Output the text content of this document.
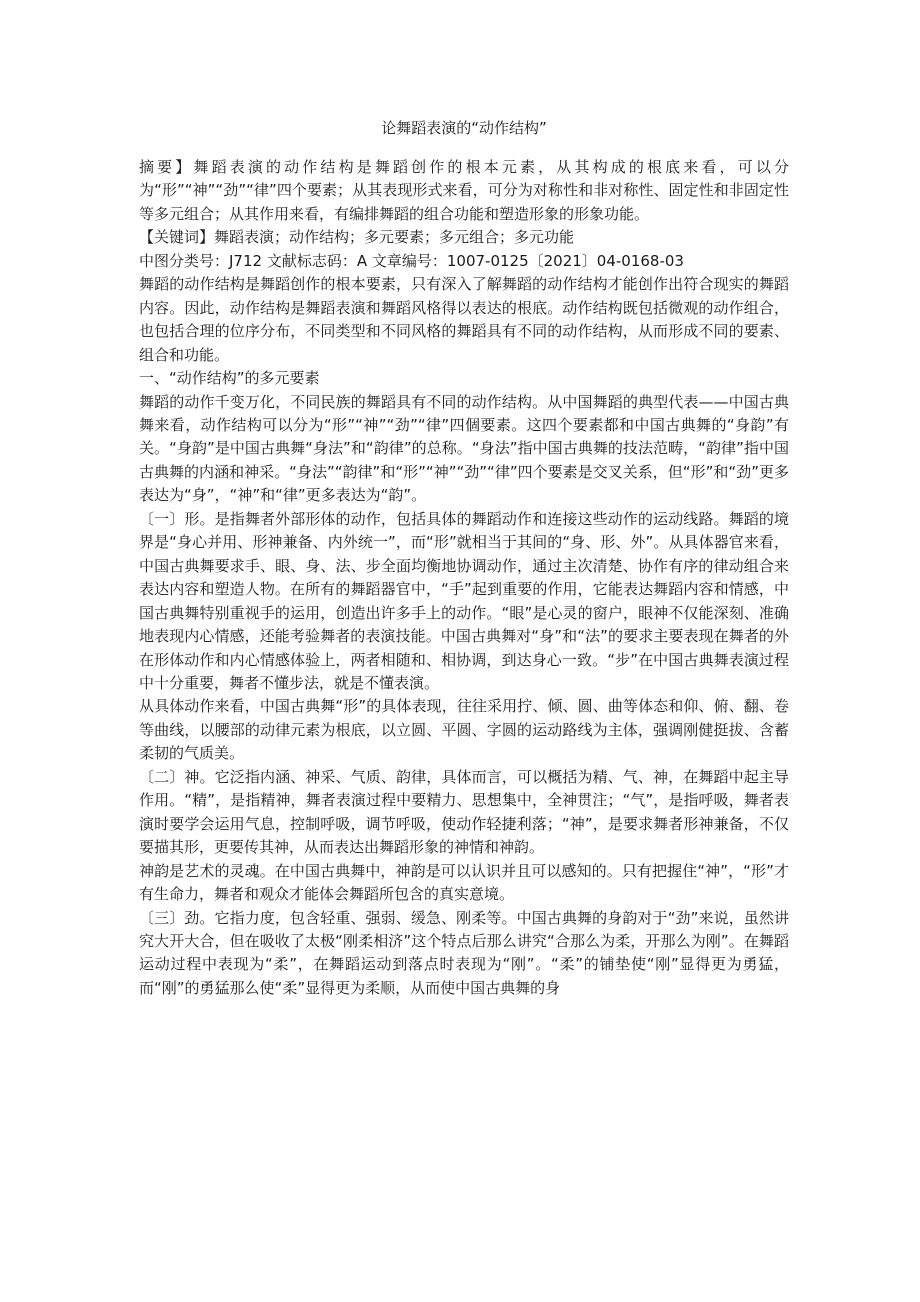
论舞蹈表演的“动作结构”

摘要】舞蹈表演的动作结构是舞蹈创作的根本元素，从其构成的根底来看，可以分为“形”“神”“劲”“律”四个要素；从其表现形式来看，可分为对称性和非对称性、固定性和非固定性等多元组合；从其作用来看，有编排舞蹈的组合功能和塑造形象的形象功能。

【关键词】舞蹈表演；动作结构；多元要素；多元组合；多元功能

中图分类号：J712 文献标志码：A 文章编号：1007-0125〔2021〕04-0168-03

舞蹈的动作结构是舞蹈创作的根本要素，只有深入了解舞蹈的动作结构才能创作出符合现实的舞蹈内容。因此，动作结构是舞蹈表演和舞蹈风格得以表达的根底。动作结构既包括微观的动作组合，也包括合理的位序分布，不同类型和不同风格的舞蹈具有不同的动作结构，从而形成不同的要素、组合和功能。

一、“动作结构”的多元要素

舞蹈的动作千变万化，不同民族的舞蹈具有不同的动作结构。从中国舞蹈的典型代表——中国古典舞来看，动作结构可以分为“形”“神”“劲”“律”四個要素。这四个要素都和中国古典舞的“身韵”有关。“身韵”是中国古典舞“身法”和“韵律”的总称。“身法”指中国古典舞的技法范畴，“韵律”指中国古典舞的内涵和神采。“身法”“韵律”和“形”“神”“劲”“律”四个要素是交叉关系，但“形”和“劲”更多表达为“身”，“神”和“律”更多表达为“韵”。

〔一〕形。是指舞者外部形体的动作，包括具体的舞蹈动作和连接这些动作的运动线路。舞蹈的境界是“身心并用、形神兼备、内外统一”，而“形”就相当于其间的“身、形、外”。从具体器官来看，中国古典舞要求手、眼、身、法、步全面均衡地协调动作，通过主次清楚、协作有序的律动组合来表达内容和塑造人物。在所有的舞蹈器官中，“手”起到重要的作用，它能表达舞蹈内容和情感，中国古典舞特别重视手的运用，创造出许多手上的动作。“眼”是心灵的窗户，眼神不仅能深刻、准确地表现内心情感，还能考验舞者的表演技能。中国古典舞对“身”和“法”的要求主要表现在舞者的外在形体动作和内心情感体验上，两者相随和、相协调，到达身心一致。“步”在中国古典舞表演过程中十分重要，舞者不懂步法，就是不懂表演。

从具体动作来看，中国古典舞“形”的具体表现，往往采用拧、倾、圆、曲等体态和仰、俯、翻、卷等曲线，以腰部的动律元素为根底，以立圆、平圆、字圆的运动路线为主体，强调刚健挺拔、含蓄柔韧的气质美。

〔二〕神。它泛指内涵、神采、气质、韵律，具体而言，可以概括为精、气、神，在舞蹈中起主导作用。“精”，是指精神，舞者表演过程中要精力、思想集中，全神贯注；“气”，是指呼吸，舞者表演时要学会运用气息，控制呼吸，调节呼吸，使动作轻捷利落；“神”，是要求舞者形神兼备，不仅要描其形，更要传其神，从而表达出舞蹈形象的神情和神韵。

神韵是艺术的灵魂。在中国古典舞中，神韵是可以认识并且可以感知的。只有把握住“神”，“形”才有生命力，舞者和观众才能体会舞蹈所包含的真实意境。

〔三〕劲。它指力度，包含轻重、强弱、缓急、刚柔等。中国古典舞的身韵对于“劲”来说，虽然讲究大开大合，但在吸收了太极“刚柔相济”这个特点后那么讲究“合那么为柔，开那么为刚”。在舞蹈运动过程中表现为“柔”，在舞蹈运动到落点时表现为“刚”。“柔”的铺垫使“刚”显得更为勇猛，而“刚”的勇猛那么使“柔”显得更为柔顺，从而使中国古典舞的身
